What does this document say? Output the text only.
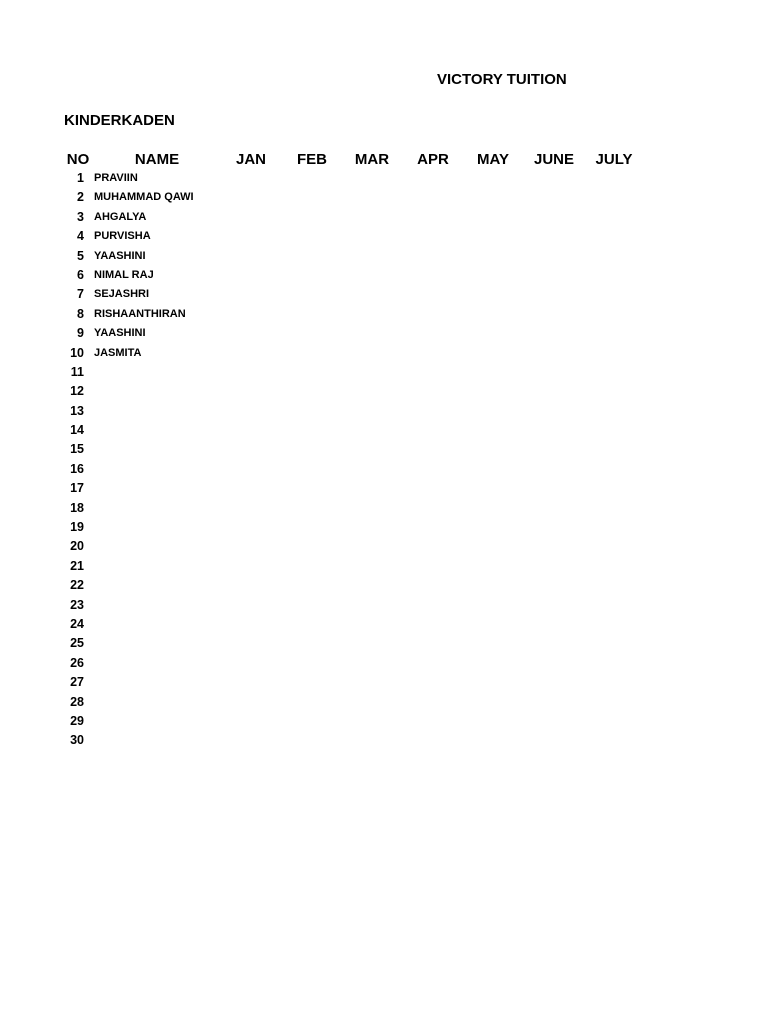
VICTORY TUITION
KINDERKADEN
NO	NAME	JAN FEB MAR APR MAY JUNE JULY
1 PRAVIIN
2 MUHAMMAD QAWI
3 AHGALYA
4 PURVISHA
5 YAASHINI
6 NIMAL RAJ
7 SEJASHRI
8 RISHAANTHIRAN
9 YAASHINI
10 JASMITA
11
12
13
14
15
16
17
18
19
20
21
22
23
24
25
26
27
28
29
30
